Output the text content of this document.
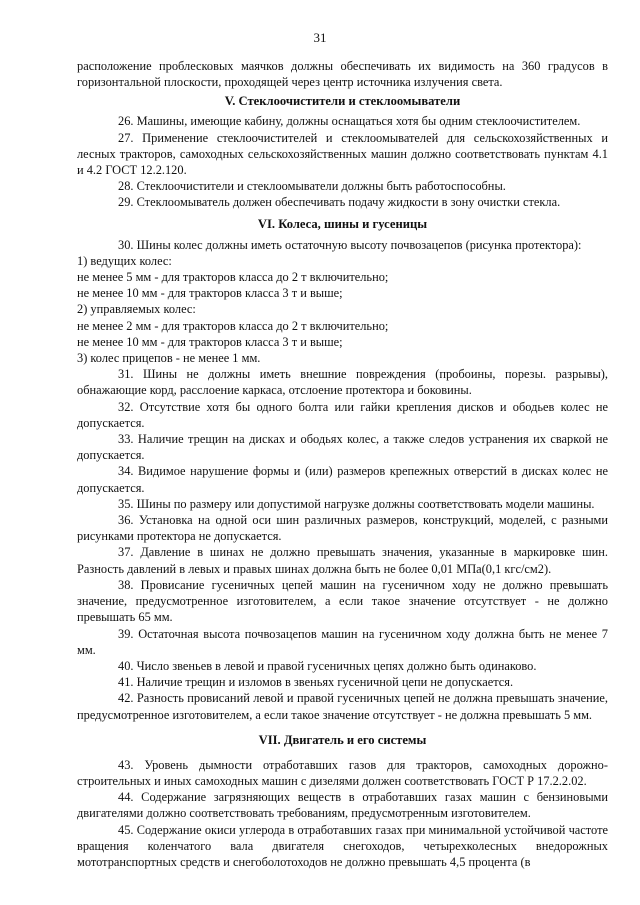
31

расположение проблесковых маячков должны обеспечивать их видимость на 360 градусов в горизонтальной плоскости, проходящей через центр источника излучения света.

V. Стеклоочистители и стеклоомыватели

26. Машины, имеющие кабину, должны оснащаться хотя бы одним стеклоочистителем.

27. Применение стеклоочистителей и стеклоомывателей для сельскохозяйственных и лесных тракторов, самоходных сельскохозяйственных машин должно соответствовать пунктам 4.1 и 4.2 ГОСТ 12.2.120.

28. Стеклоочистители и стеклоомыватели должны быть работоспособны.

29. Стеклоомыватель должен обеспечивать подачу жидкости в зону очистки стекла.

VI. Колеса, шины и гусеницы

30. Шины колес должны иметь остаточную высоту почвозацепов (рисунка протектора):

1) ведущих колес:

не менее 5 мм - для тракторов класса до 2 т включительно;

не менее 10 мм - для тракторов класса 3 т и выше;

2) управляемых колес:

не менее 2 мм - для тракторов класса до 2 т включительно;

не менее 10 мм - для тракторов класса 3 т и выше;

3) колес прицепов - не менее 1 мм.

31. Шины не должны иметь внешние повреждения (пробоины, порезы. разрывы), обнажающие корд, расслоение каркаса, отслоение протектора и боковины.

32. Отсутствие хотя бы одного болта или гайки крепления дисков и ободьев колес не допускается.

33. Наличие трещин на дисках и ободьях колес, а также следов устранения их сваркой не допускается.

34. Видимое нарушение формы и (или) размеров крепежных отверстий в дисках колес не допускается.

35. Шины по размеру или допустимой нагрузке должны соответствовать модели машины.

36. Установка на одной оси шин различных размеров, конструкций, моделей, с разными рисунками протектора не допускается.

37. Давление в шинах не должно превышать значения, указанные в маркировке шин. Разность давлений в левых и правых шинах должна быть не более 0,01 МПа(0,1 кгс/см2).

38. Провисание гусеничных цепей машин на гусеничном ходу не должно превышать значение, предусмотренное изготовителем, а если такое значение отсутствует - не должно превышать 65 мм.

39. Остаточная высота почвозацепов машин на гусеничном ходу должна быть не менее 7 мм.

40. Число звеньев в левой и правой гусеничных цепях должно быть одинаково.

41. Наличие трещин и изломов в звеньях гусеничной цепи не допускается.

42. Разность провисаний левой и правой гусеничных цепей не должна превышать значение, предусмотренное изготовителем, а если такое значение отсутствует - не должна превышать 5 мм.

VII. Двигатель и его системы

43. Уровень дымности отработавших газов для тракторов, самоходных дорожно-строительных и иных самоходных машин с дизелями должен соответствовать ГОСТ Р 17.2.2.02.

44. Содержание загрязняющих веществ в отработавших газах машин с бензиновыми двигателями должно соответствовать требованиям, предусмотренным изготовителем.

45. Содержание окиси углерода в отработавших газах при минимальной устойчивой частоте вращения коленчатого вала двигателя снегоходов, четырехколесных внедорожных мототранспортных средств и снегоболотоходов не должно превышать 4,5 процента (в
